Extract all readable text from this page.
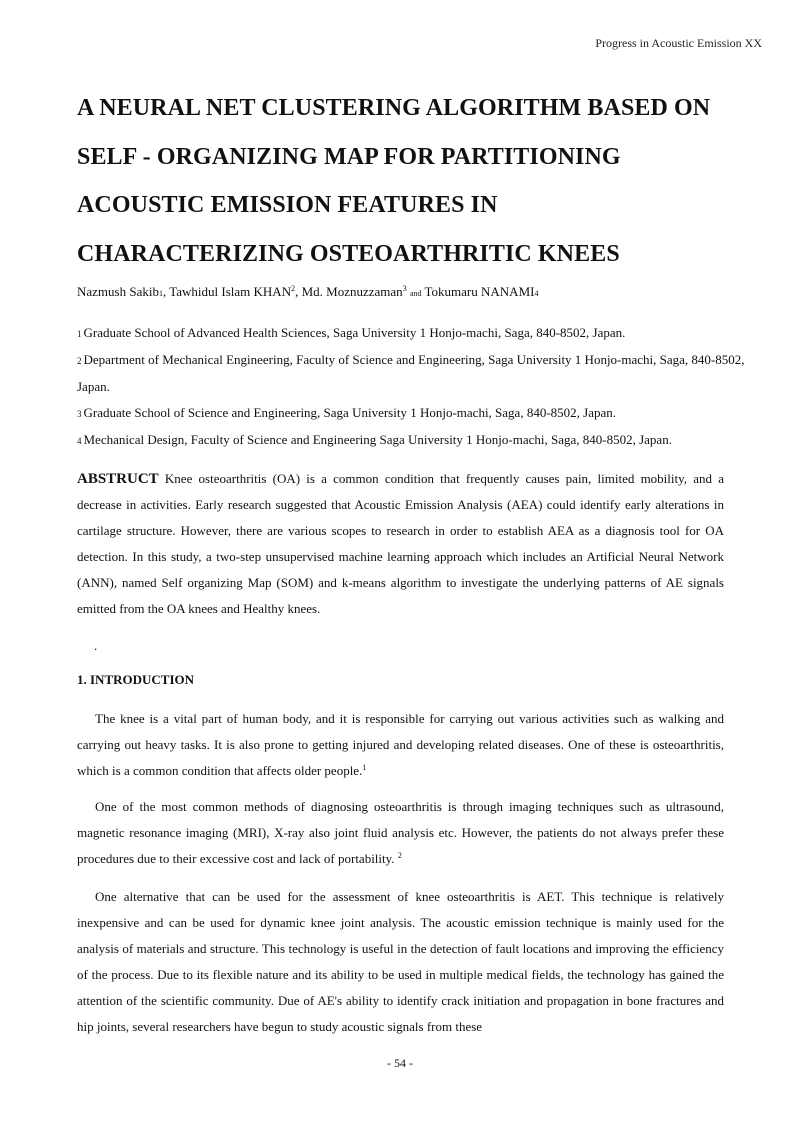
Progress in Acoustic Emission XX
A NEURAL NET CLUSTERING ALGORITHM BASED ON
SELF - ORGANIZING MAP FOR PARTITIONING
ACOUSTIC EMISSION FEATURES IN
CHARACTERIZING OSTEOARTHRITIC KNEES
Nazmush Sakib1, Tawhidul Islam KHAN$^2$, Md. Moznuzzaman$^3$ and Tokumaru NANAMI4

1 Graduate School of Advanced Health Sciences, Saga University 1 Honjo-machi, Saga, 840-8502, Japan.

2 Department of Mechanical Engineering, Faculty of Science and Engineering, Saga University 1 Honjo-machi, Saga, 840-8502, Japan.

3 Graduate School of Science and Engineering, Saga University 1 Honjo-machi, Saga, 840-8502, Japan.

4 Mechanical Design, Faculty of Science and Engineering Saga University 1 Honjo-machi, Saga, 840-8502, Japan.

ABSTRUCT Knee osteoarthritis (OA) is a common condition that frequently causes pain, limited mobility, and a decrease in activities. Early research suggested that Acoustic Emission Analysis (AEA) could identify early alterations in cartilage structure. However, there are various scopes to research in order to establish AEA as a diagnosis tool for OA detection. In this study, a two-step unsupervised machine learning approach which includes an Artificial Neural Network (ANN), named Self organizing Map (SOM) and k-means algorithm to investigate the underlying patterns of AE signals emitted from the OA knees and Healthy knees.

.
1. INTRODUCTION

The knee is a vital part of human body, and it is responsible for carrying out various activities such as walking and carrying out heavy tasks. It is also prone to getting injured and developing related diseases. One of these is osteoarthritis, which is a common condition that affects older people.$^1$

One of the most common methods of diagnosing osteoarthritis is through imaging techniques such as ultrasound, magnetic resonance imaging (MRI), X-ray also joint fluid analysis etc. However, the patients do not always prefer these procedures due to their excessive cost and lack of portability. $^2$

One alternative that can be used for the assessment of knee osteoarthritis is AET. This technique is relatively inexpensive and can be used for dynamic knee joint analysis. The acoustic emission technique is mainly used for the analysis of materials and structure. This technology is useful in the detection of fault locations and improving the efficiency of the process. Due to its flexible nature and its ability to be used in multiple medical fields, the technology has gained the attention of the scientific community. Due of AE's ability to identify crack initiation and propagation in bone fractures and hip joints, several researchers have begun to study acoustic signals from these

- 54 -
